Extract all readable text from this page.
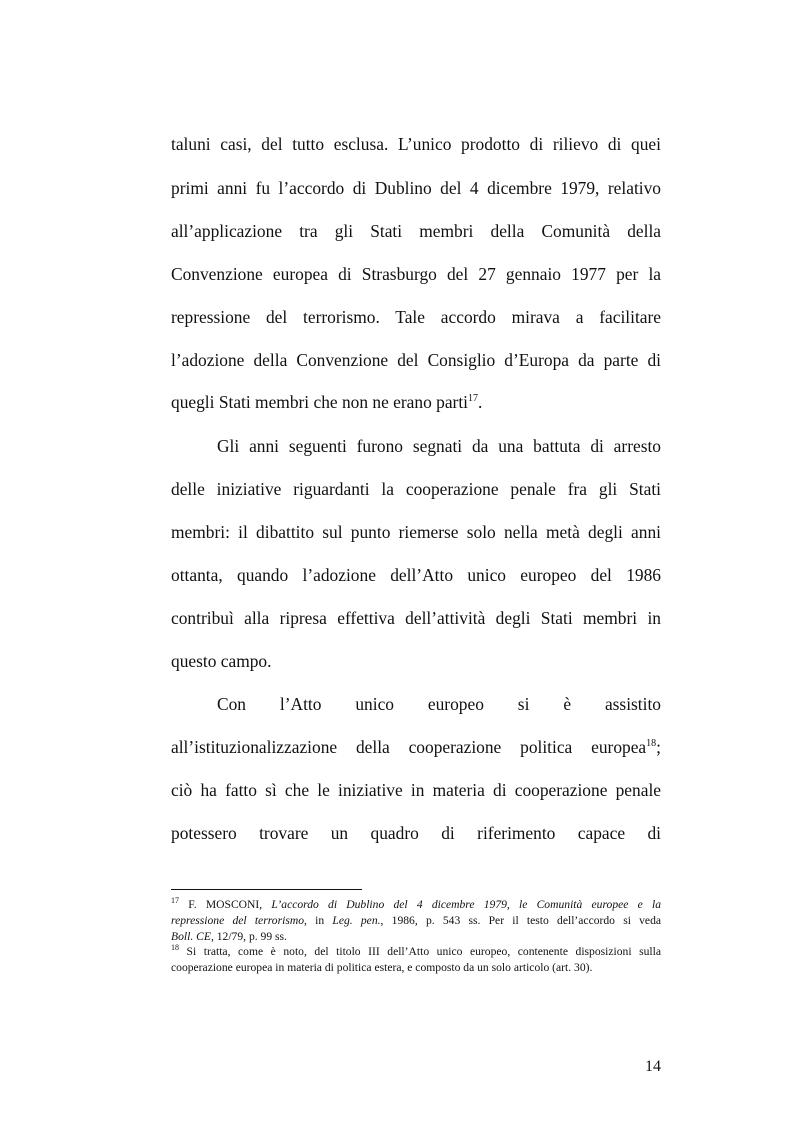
taluni casi, del tutto esclusa. L’unico prodotto di rilievo di quei
primi anni fu l’accordo di Dublino del 4 dicembre 1979, relativo
all’applicazione tra gli Stati membri della Comunità della
Convenzione europea di Strasburgo del 27 gennaio 1977 per la
repressione del terrorismo. Tale accordo mirava a facilitare
l’adozione della Convenzione del Consiglio d’Europa da parte di
quegli Stati membri che non ne erano parti$^{17}$.
Gli anni seguenti furono segnati da una battuta di arresto
delle iniziative riguardanti la cooperazione penale fra gli Stati
membri: il dibattito sul punto riemerse solo nella metà degli anni
ottanta, quando l’adozione dell’Atto unico europeo del 1986
contribuì alla ripresa effettiva dell’attività degli Stati membri in
questo campo.
Con l’Atto unico europeo si è assistito
all’istituzionalizzazione della cooperazione politica europea$^{18}$;
ciò ha fatto sì che le iniziative in materia di cooperazione penale
potessero trovare un quadro di riferimento capace di
$^{17}$ F. MOSCONI, L’accordo di Dublino del 4 dicembre 1979, le Comunità europee e la
repressione del terrorismo, in Leg. pen., 1986, p. 543 ss. Per il testo dell’accordo si veda
Boll. CE, 12/79, p. 99 ss.
$^{18}$ Si tratta, come è noto, del titolo III dell’Atto unico europeo, contenente disposizioni sulla
cooperazione europea in materia di politica estera, e composto da un solo articolo (art. 30).
14
